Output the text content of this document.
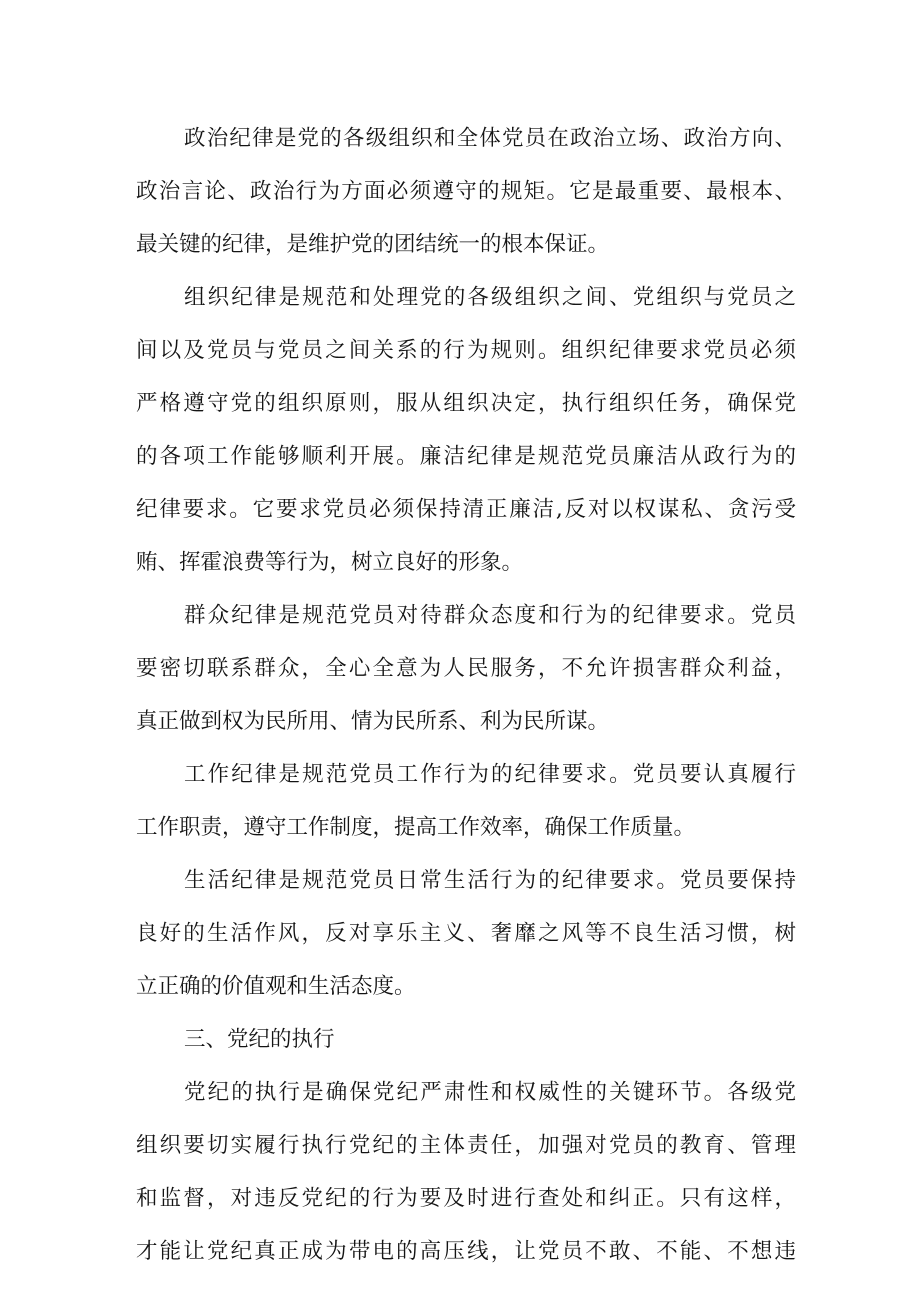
政治纪律是党的各级组织和全体党员在政治立场、政治方向、
政治言论、政治行为方面必须遵守的规矩。它是最重要、最根本、
最关键的纪律，是维护党的团结统一的根本保证。
组织纪律是规范和处理党的各级组织之间、党组织与党员之
间以及党员与党员之间关系的行为规则。组织纪律要求党员必须
严格遵守党的组织原则，服从组织决定，执行组织任务，确保党
的各项工作能够顺利开展。廉洁纪律是规范党员廉洁从政行为的
纪律要求。它要求党员必须保持清正廉洁,反对以权谋私、贪污受
贿、挥霍浪费等行为，树立良好的形象。
群众纪律是规范党员对待群众态度和行为的纪律要求。党员
要密切联系群众，全心全意为人民服务，不允许损害群众利益，
真正做到权为民所用、情为民所系、利为民所谋。
工作纪律是规范党员工作行为的纪律要求。党员要认真履行
工作职责，遵守工作制度，提高工作效率，确保工作质量。
生活纪律是规范党员日常生活行为的纪律要求。党员要保持
良好的生活作风，反对享乐主义、奢靡之风等不良生活习惯，树
立正确的价值观和生活态度。
三、党纪的执行
党纪的执行是确保党纪严肃性和权威性的关键环节。各级党
组织要切实履行执行党纪的主体责任，加强对党员的教育、管理
和监督，对违反党纪的行为要及时进行查处和纠正。只有这样，
才能让党纪真正成为带电的高压线，让党员不敢、不能、不想违
